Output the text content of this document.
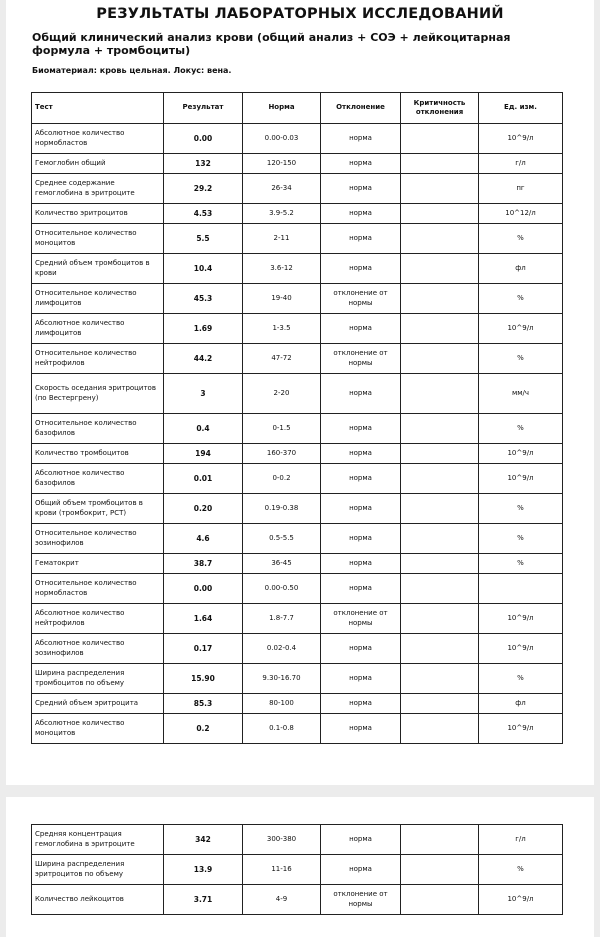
РЕЗУЛЬТАТЫ ЛАБОРАТОРНЫХ ИССЛЕДОВАНИЙ
Общий клинический анализ крови (общий анализ + СОЭ + лейкоцитарная формула + тромбоциты)
Биоматериал: кровь цельная. Локус: вена.
Тест	Результат	Норма	Отклонение	Критичность отклонения	Ед. изм.
Абсолютное количество нормобластов	0.00	0.00-0.03	норма		10^9/л
Гемоглобин общий	132	120-150	норма		г/л
Среднее содержание гемоглобина в эритроците	29.2	26-34	норма		пг
Количество эритроцитов	4.53	3.9-5.2	норма		10^12/л
Относительное количество моноцитов	5.5	2-11	норма		%
Средний объем тромбоцитов в крови	10.4	3.6-12	норма		фл
Относительное количество лимфоцитов	45.3	19-40	отклонение от нормы		%
Абсолютное количество лимфоцитов	1.69	1-3.5	норма		10^9/л
Относительное количество нейтрофилов	44.2	47-72	отклонение от нормы		%
Скорость оседания эритроцитов (по Вестергрену)	3	2-20	норма		мм/ч
Относительное количество базофилов	0.4	0-1.5	норма		%
Количество тромбоцитов	194	160-370	норма		10^9/л
Абсолютное количество базофилов	0.01	0-0.2	норма		10^9/л
Общий объем тромбоцитов в крови (тромбокрит, PCT)	0.20	0.19-0.38	норма		%
Относительное количество эозинофилов	4.6	0.5-5.5	норма		%
Гематокрит	38.7	36-45	норма		%
Относительное количество нормобластов	0.00	0.00-0.50	норма		
Абсолютное количество нейтрофилов	1.64	1.8-7.7	отклонение от нормы		10^9/л
Абсолютное количество эозинофилов	0.17	0.02-0.4	норма		10^9/л
Ширина распределения тромбоцитов по объему	15.90	9.30-16.70	норма		%
Средний объем эритроцита	85.3	80-100	норма		фл
Абсолютное количество моноцитов	0.2	0.1-0.8	норма		10^9/л
Средняя концентрация гемоглобина в эритроците	342	300-380	норма		г/л
Ширина распределения эритроцитов по объему	13.9	11-16	норма		%
Количество лейкоцитов	3.71	4-9	отклонение от нормы		10^9/л
